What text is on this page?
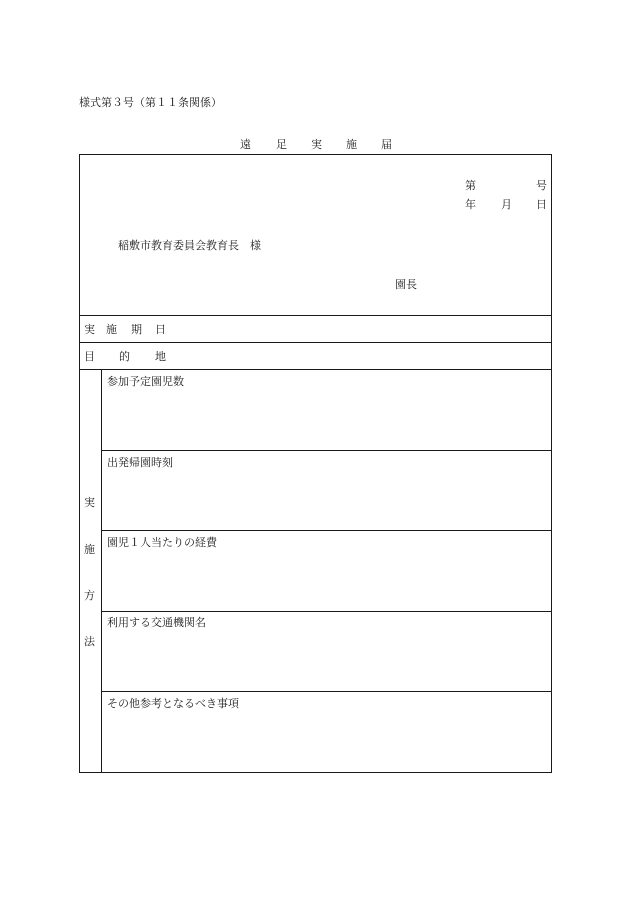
様式第３号（第１１条関係）
遠 足 実 施 届
第	号
年 月 日
稲敷市教育委員会教育長　様
園長
実 施 期 日
目 的 地
実
施
方
法
参加予定園児数
出発帰園時刻
園児１人当たりの経費
利用する交通機関名
その他参考となるべき事項
